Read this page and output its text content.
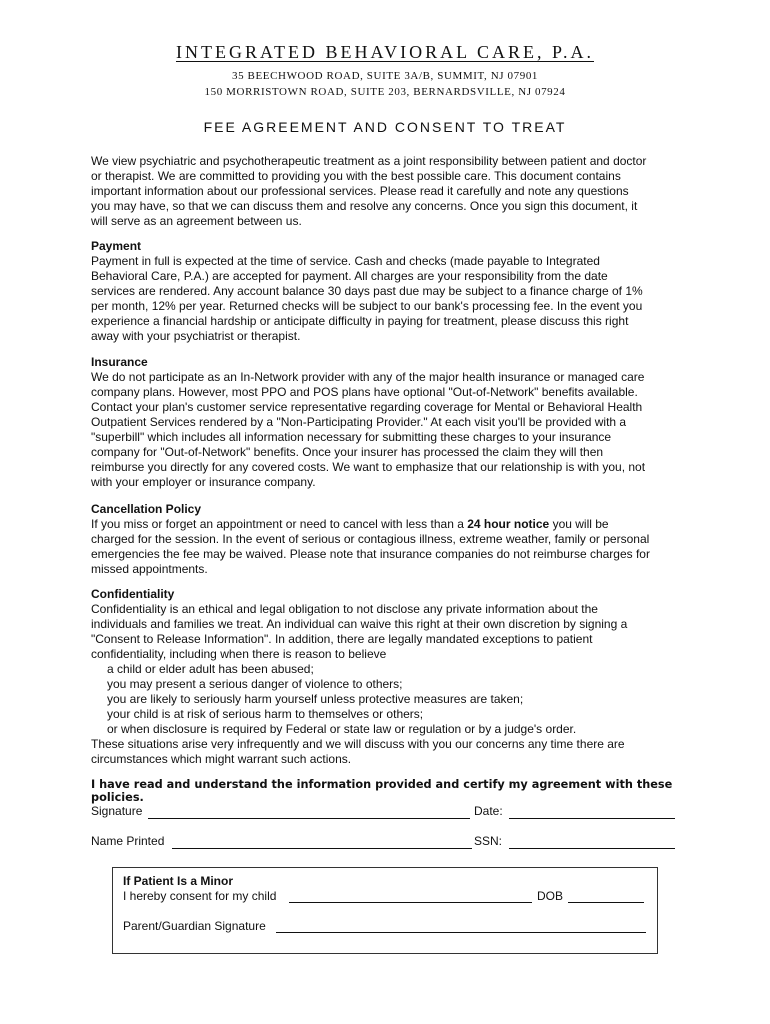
INTEGRATED BEHAVIORAL CARE, P.A.
35 BEECHWOOD ROAD, SUITE 3A/B, SUMMIT, NJ 07901
150 MORRISTOWN ROAD, SUITE 203, BERNARDSVILLE, NJ 07924
FEE AGREEMENT AND CONSENT TO TREAT
We view psychiatric and psychotherapeutic treatment as a joint responsibility between patient and doctor
or therapist. We are committed to providing you with the best possible care. This document contains
important information about our professional services. Please read it carefully and note any questions
you may have, so that we can discuss them and resolve any concerns. Once you sign this document, it
will serve as an agreement between us.
Payment
Payment in full is expected at the time of service. Cash and checks (made payable to Integrated
Behavioral Care, P.A.) are accepted for payment. All charges are your responsibility from the date
services are rendered. Any account balance 30 days past due may be subject to a finance charge of 1%
per month, 12% per year. Returned checks will be subject to our bank's processing fee. In the event you
experience a financial hardship or anticipate difficulty in paying for treatment, please discuss this right
away with your psychiatrist or therapist.
Insurance
We do not participate as an In-Network provider with any of the major health insurance or managed care
company plans. However, most PPO and POS plans have optional "Out-of-Network" benefits available.
Contact your plan's customer service representative regarding coverage for Mental or Behavioral Health
Outpatient Services rendered by a "Non-Participating Provider." At each visit you'll be provided with a
"superbill" which includes all information necessary for submitting these charges to your insurance
company for "Out-of-Network" benefits. Once your insurer has processed the claim they will then
reimburse you directly for any covered costs. We want to emphasize that our relationship is with you, not
with your employer or insurance company.
Cancellation Policy
If you miss or forget an appointment or need to cancel with less than a 24 hour notice you will be
charged for the session. In the event of serious or contagious illness, extreme weather, family or personal
emergencies the fee may be waived. Please note that insurance companies do not reimburse charges for
missed appointments.
Confidentiality
Confidentiality is an ethical and legal obligation to not disclose any private information about the
individuals and families we treat. An individual can waive this right at their own discretion by signing a
"Consent to Release Information". In addition, there are legally mandated exceptions to patient
confidentiality, including when there is reason to believe
a child or elder adult has been abused;
you may present a serious danger of violence to others;
you are likely to seriously harm yourself unless protective measures are taken;
your child is at risk of serious harm to themselves or others;
or when disclosure is required by Federal or state law or regulation or by a judge's order.
These situations arise very infrequently and we will discuss with you our concerns any time there are
circumstances which might warrant such actions.
I have read and understand the information provided and certify my agreement with these policies.
Signature	Date:
Name Printed	SSN:
If Patient Is a Minor
I hereby consent for my child	DOB
Parent/Guardian Signature
